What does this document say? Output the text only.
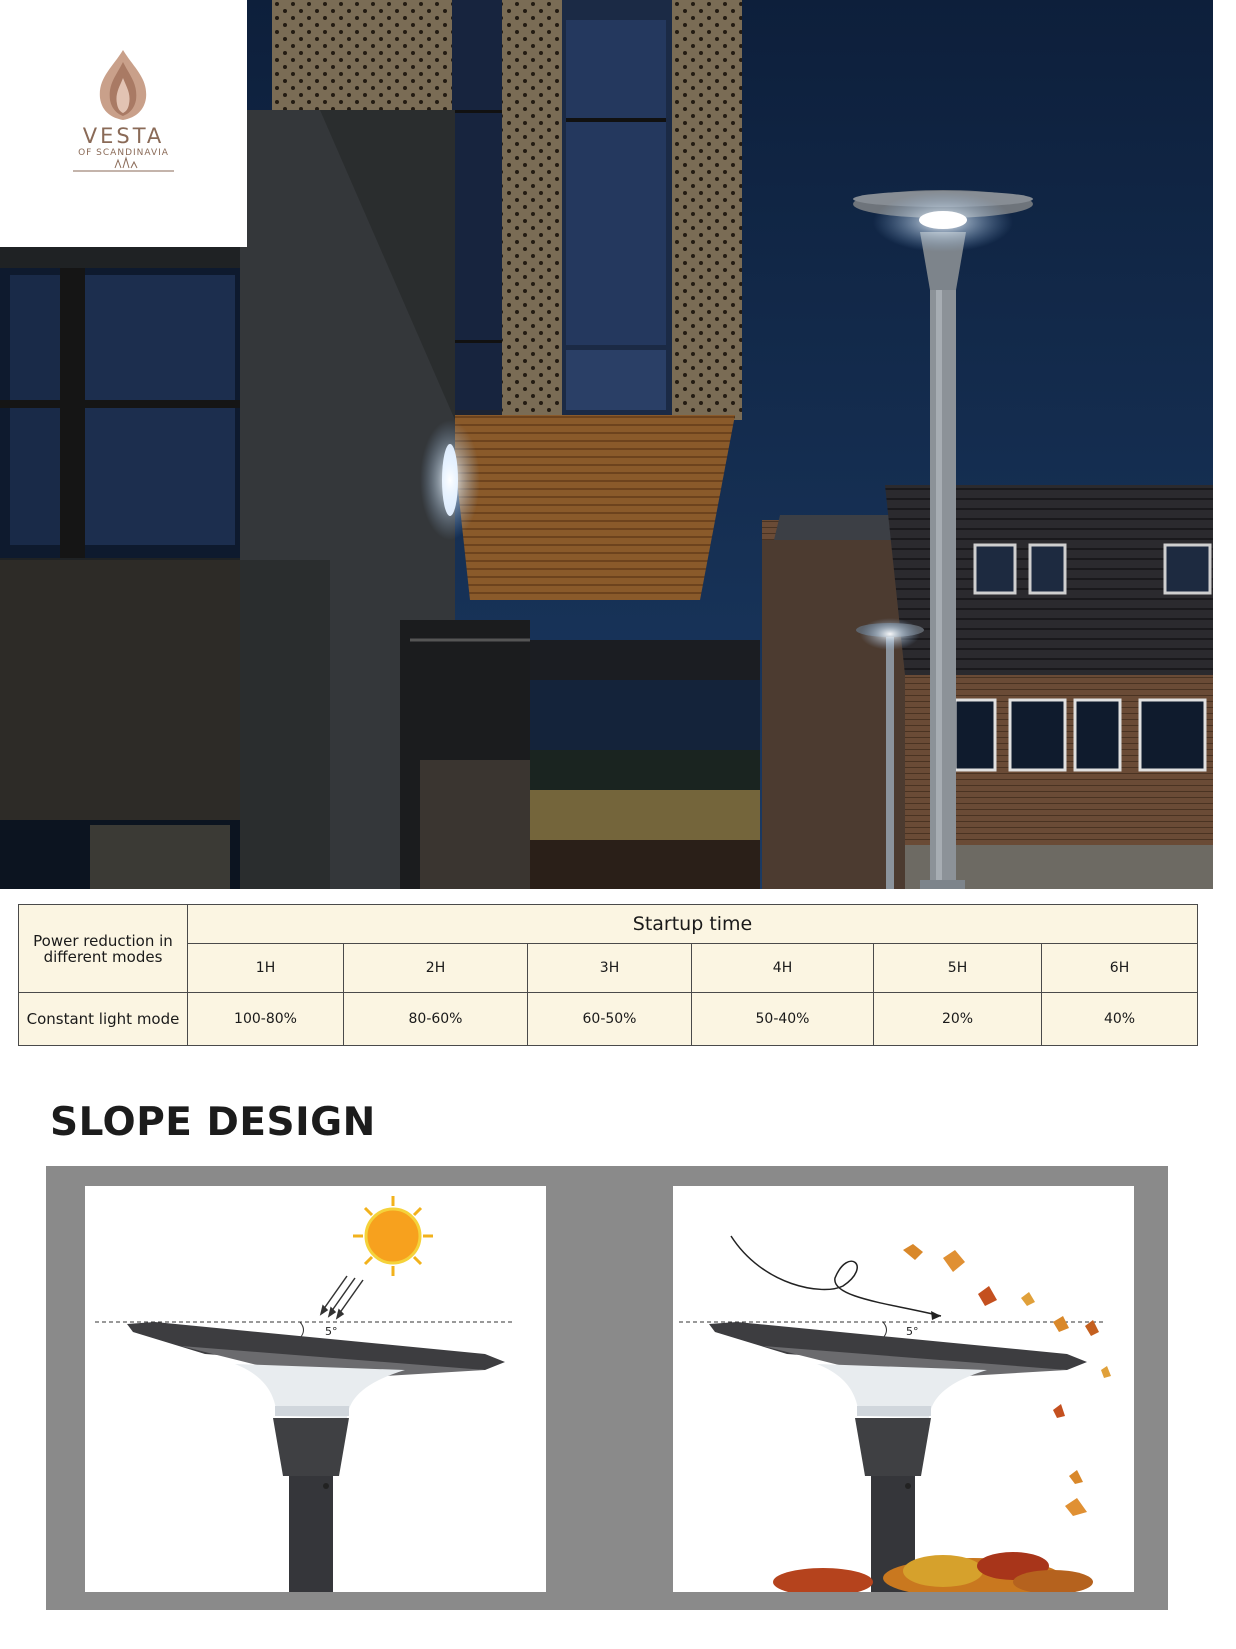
VESTA
OF SCANDINAVIA
Power reduction in different modes	Startup time					
	1H	2H	3H	4H	5H	6H
Constant light mode	100-80%	80-60%	60-50%	50-40%	20%	40%
SLOPE DESIGN
5°	5°
